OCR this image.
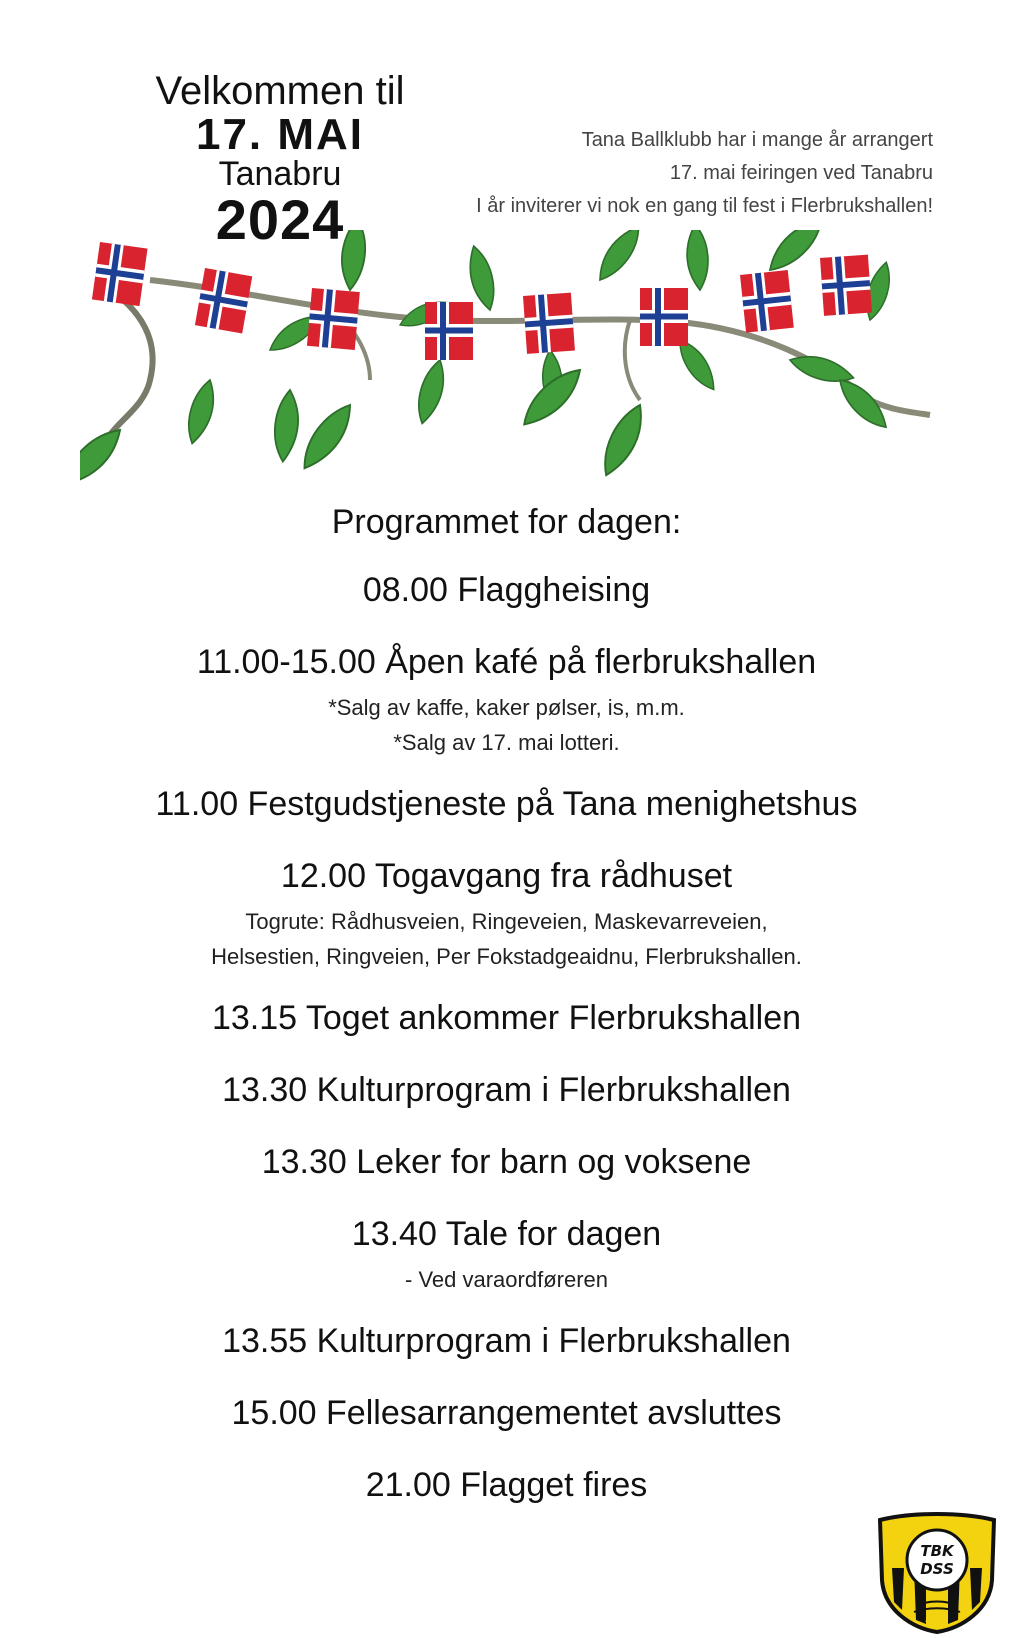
Velkommen til
17. MAI
Tanabru
2024
Tana Ballklubb har i mange år arrangert
17. mai feiringen ved Tanabru
I år inviterer vi nok en gang til fest i Flerbrukshallen!
Programmet for dagen:
08.00 Flaggheising
11.00-15.00 Åpen kafé på flerbrukshallen
*Salg av kaffe, kaker pølser, is, m.m.
*Salg av 17. mai lotteri.
11.00 Festgudstjeneste på Tana menighetshus
12.00 Togavgang fra rådhuset
Togrute: Rådhusveien, Ringeveien, Maskevarreveien,
Helsestien, Ringveien, Per Fokstadgeaidnu, Flerbrukshallen.
13.15 Toget ankommer Flerbrukshallen
13.30 Kulturprogram i Flerbrukshallen
13.30 Leker for barn og voksene
13.40 Tale for dagen
- Ved varaordføreren
13.55 Kulturprogram i Flerbrukshallen
15.00 Fellesarrangementet avsluttes
21.00 Flagget fires
TBK
DSS
1981
